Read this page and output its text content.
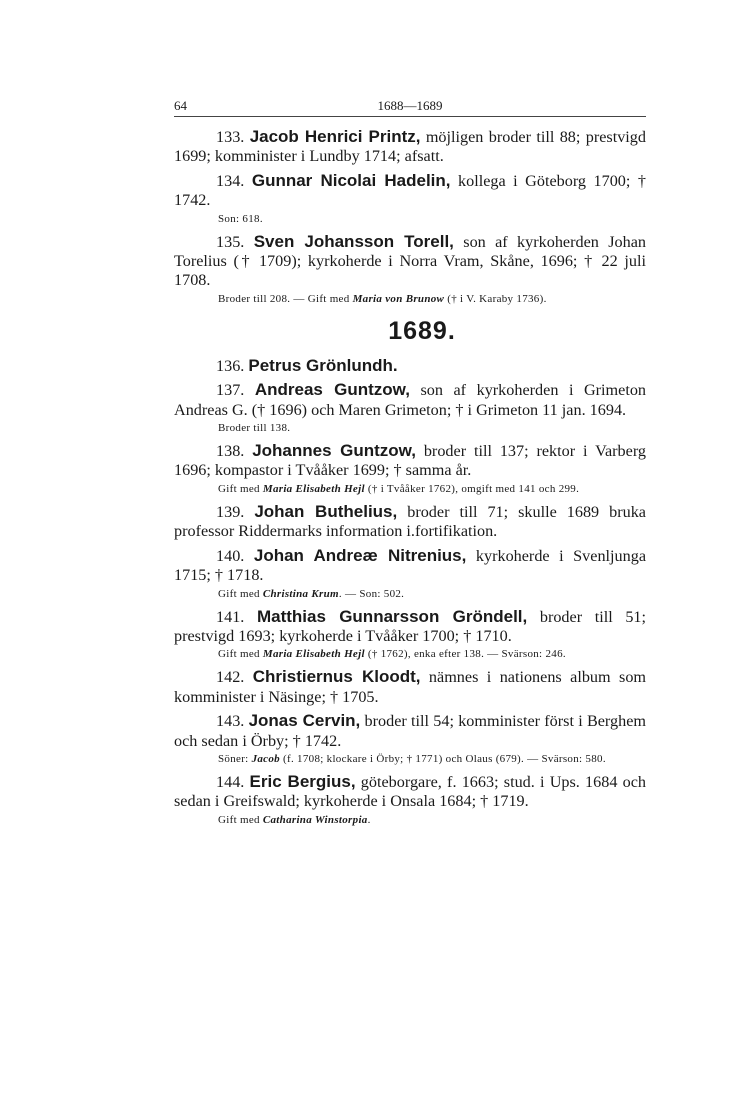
64	1688—1689

133. Jacob Henrici Printz, möjligen broder till 88; prestvigd 1699; komminister i Lundby 1714; afsatt.

134. Gunnar Nicolai Hadelin, kollega i Göteborg 1700; † 1742.

Son: 618.

135. Sven Johansson Torell, son af kyrkoherden Johan Torelius († 1709); kyrkoherde i Norra Vram, Skåne, 1696; † 22 juli 1708.

Broder till 208. — Gift med Maria von Brunow († i V. Karaby 1736).
1689.

136. Petrus Grönlundh.

137. Andreas Guntzow, son af kyrkoherden i Grimeton Andreas G. († 1696) och Maren Grimeton; † i Grimeton 11 jan. 1694.

Broder till 138.

138. Johannes Guntzow, broder till 137; rektor i Varberg 1696; kompastor i Tvååker 1699; † samma år.

Gift med Maria Elisabeth Hejl († i Tvååker 1762), omgift med 141 och 299.

139. Johan Buthelius, broder till 71; skulle 1689 bruka professor Riddermarks information i.fortifikation.

140. Johan Andreæ Nitrenius, kyrkoherde i Svenljunga 1715; † 1718.

Gift med Christina Krum. — Son: 502.

141. Matthias Gunnarsson Gröndell, broder till 51; prestvigd 1693; kyrkoherde i Tvååker 1700; † 1710.

Gift med Maria Elisabeth Hejl († 1762), enka efter 138. — Svärson: 246.

142. Christiernus Kloodt, nämnes i nationens album som komminister i Näsinge; † 1705.

143. Jonas Cervin, broder till 54; komminister först i Berghem och sedan i Örby; † 1742.

Söner: Jacob (f. 1708; klockare i Örby; † 1771) och Olaus (679). — Svärson: 580.

144. Eric Bergius, göteborgare, f. 1663; stud. i Ups. 1684 och sedan i Greifswald; kyrkoherde i Onsala 1684; † 1719.

Gift med Catharina Winstorpia.
